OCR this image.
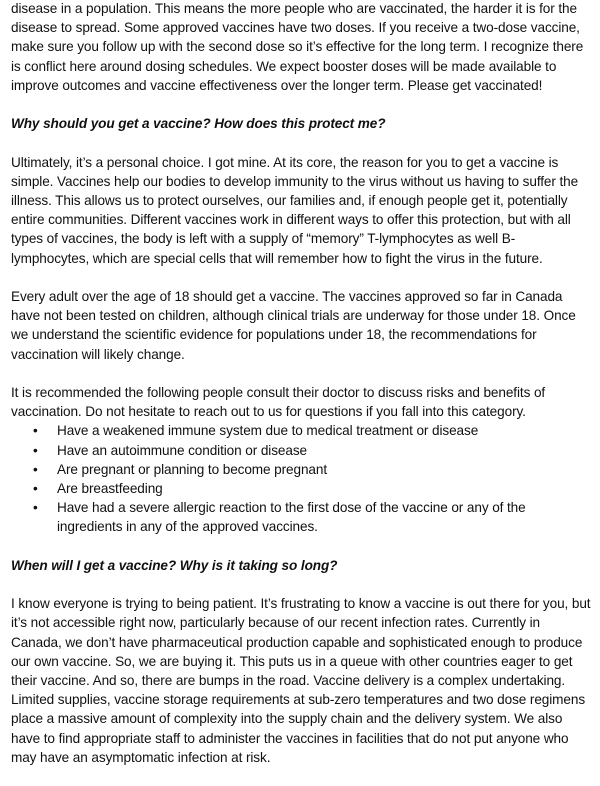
disease in a population. This means the more people who are vaccinated, the harder it is for the disease to spread. Some approved vaccines have two doses. If you receive a two-dose vaccine, make sure you follow up with the second dose so it’s effective for the long term. I recognize there is conflict here around dosing schedules. We expect booster doses will be made available to improve outcomes and vaccine effectiveness over the longer term. Please get vaccinated!

Why should you get a vaccine? How does this protect me?

Ultimately, it’s a personal choice. I got mine. At its core, the reason for you to get a vaccine is simple. Vaccines help our bodies to develop immunity to the virus without us having to suffer the illness. This allows us to protect ourselves, our families and, if enough people get it, potentially entire communities. Different vaccines work in different ways to offer this protection, but with all types of vaccines, the body is left with a supply of “memory” T-lymphocytes as well B-lymphocytes, which are special cells that will remember how to fight the virus in the future.

Every adult over the age of 18 should get a vaccine. The vaccines approved so far in Canada have not been tested on children, although clinical trials are underway for those under 18. Once we understand the scientific evidence for populations under 18, the recommendations for vaccination will likely change.

It is recommended the following people consult their doctor to discuss risks and benefits of vaccination. Do not hesitate to reach out to us for questions if you fall into this category.

• Have a weakened immune system due to medical treatment or disease
• Have an autoimmune condition or disease
• Are pregnant or planning to become pregnant
• Are breastfeeding
• Have had a severe allergic reaction to the first dose of the vaccine or any of the ingredients in any of the approved vaccines.

When will I get a vaccine? Why is it taking so long?

I know everyone is trying to being patient. It’s frustrating to know a vaccine is out there for you, but it’s not accessible right now, particularly because of our recent infection rates. Currently in Canada, we don’t have pharmaceutical production capable and sophisticated enough to produce our own vaccine. So, we are buying it. This puts us in a queue with other countries eager to get their vaccine. And so, there are bumps in the road. Vaccine delivery is a complex undertaking. Limited supplies, vaccine storage requirements at sub-zero temperatures and two dose regimens place a massive amount of complexity into the supply chain and the delivery system. We also have to find appropriate staff to administer the vaccines in facilities that do not put anyone who may have an asymptomatic infection at risk.
